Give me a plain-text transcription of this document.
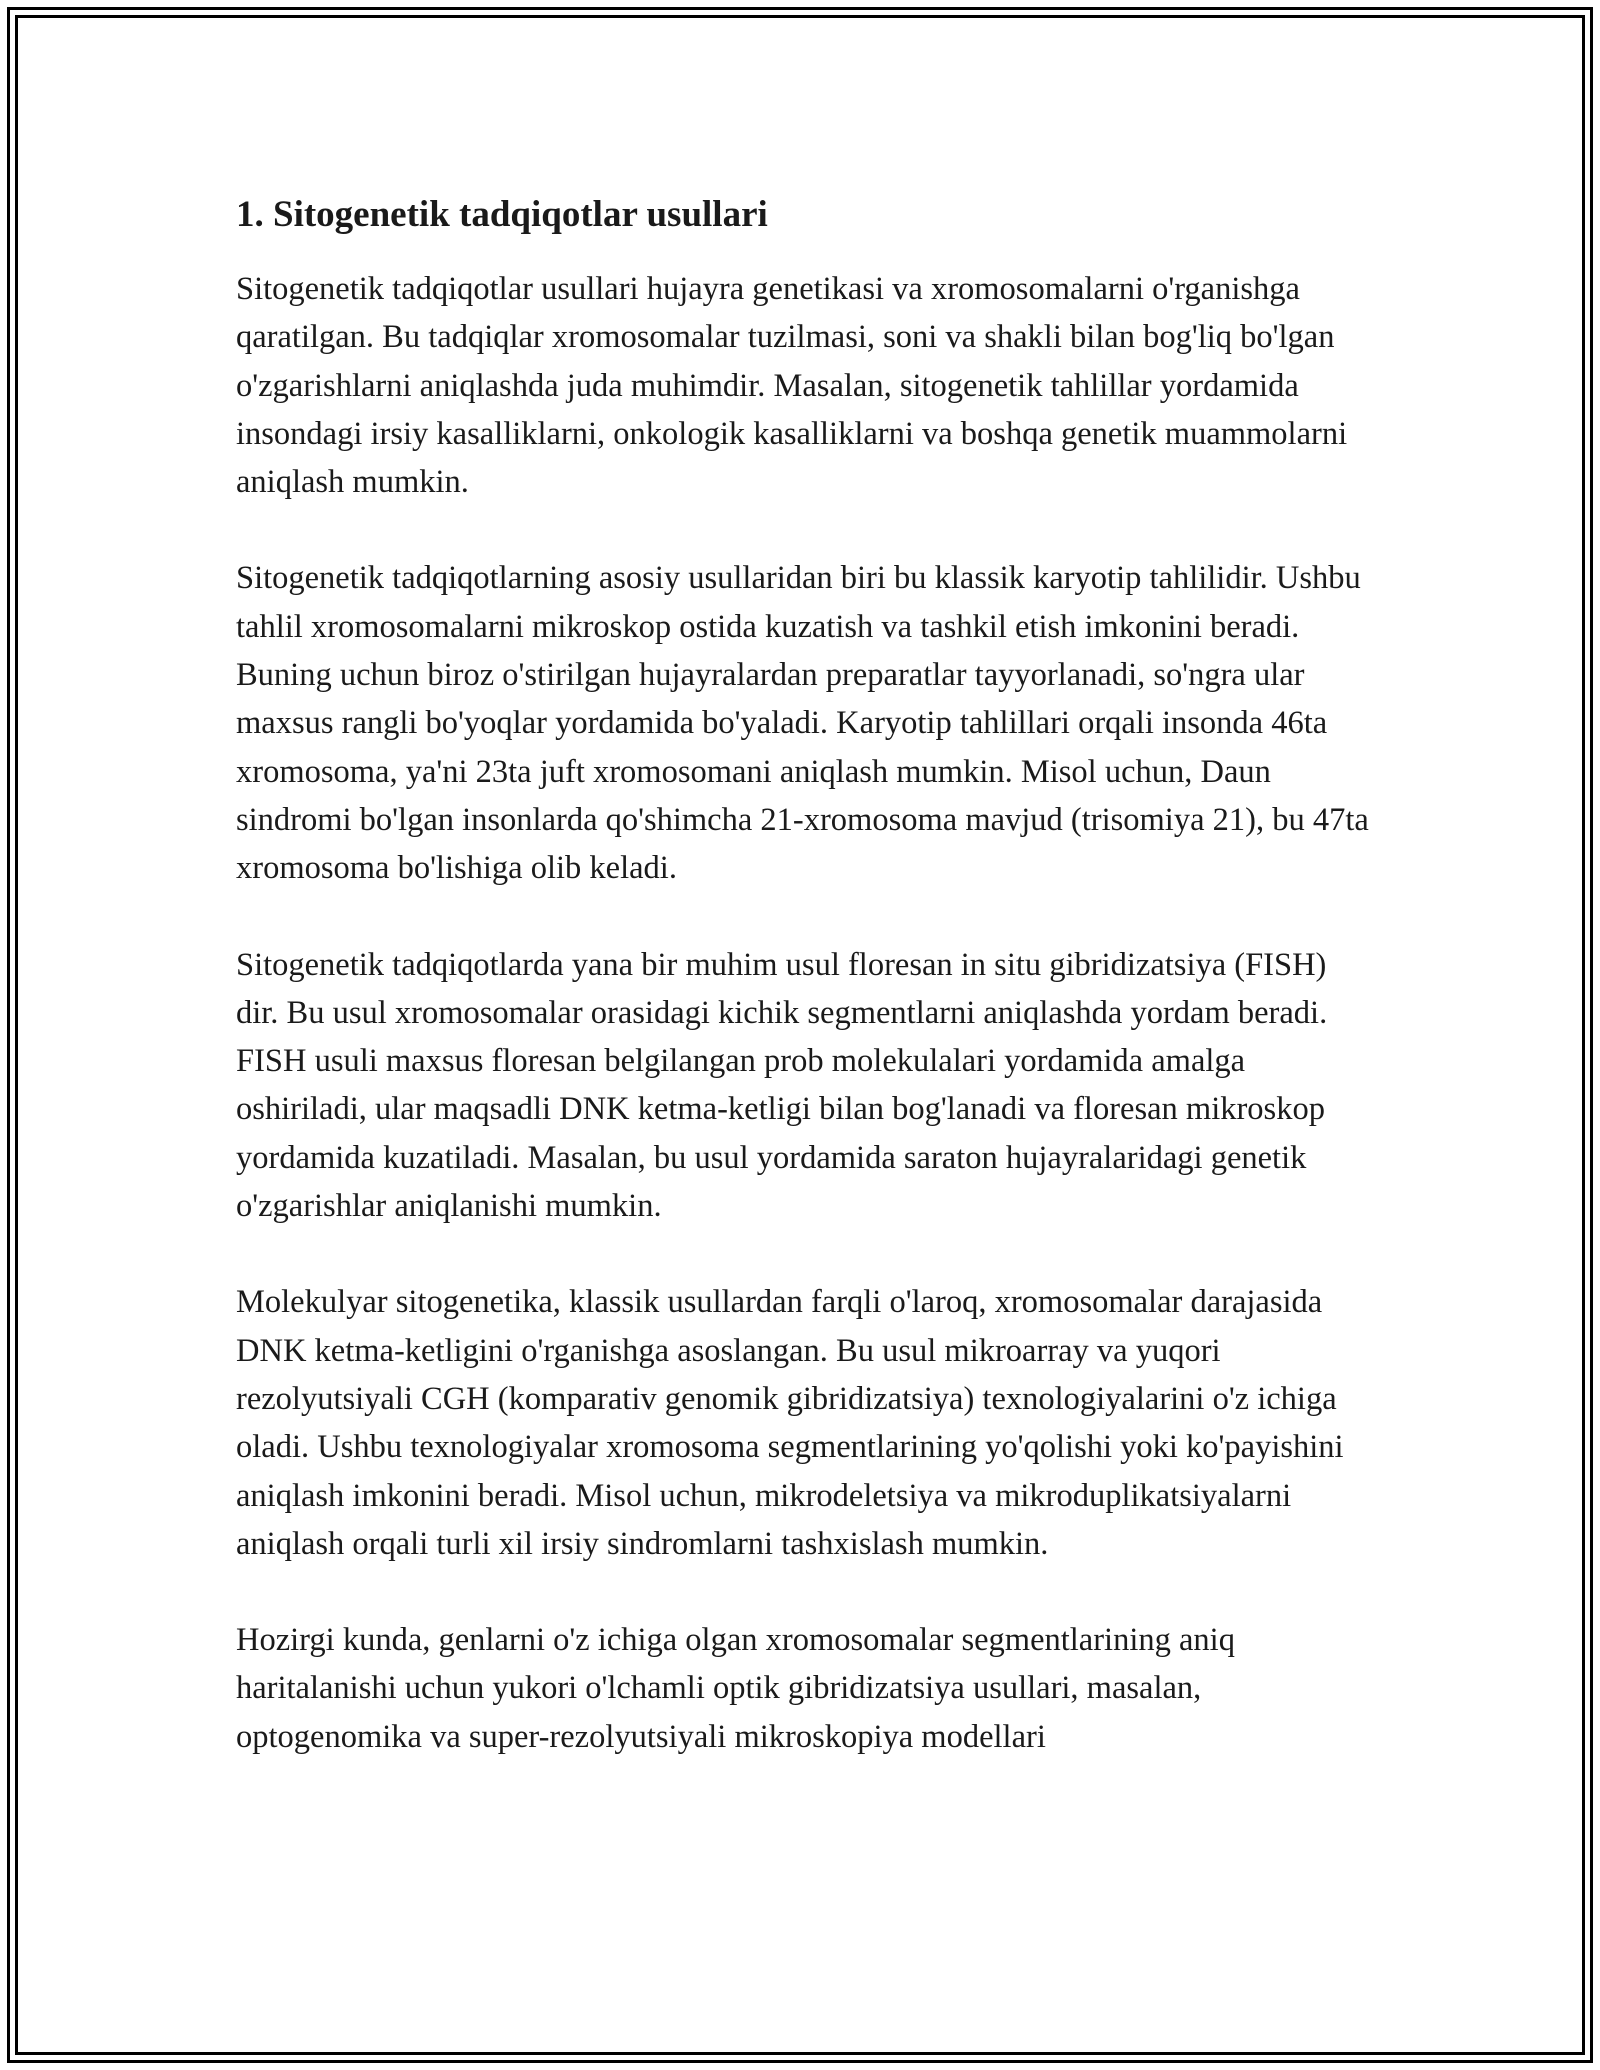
1. Sitogenetik tadqiqotlar usullari

Sitogenetik tadqiqotlar usullari hujayra genetikasi va xromosomalarni o'rganishga qaratilgan. Bu tadqiqlar xromosomalar tuzilmasi, soni va shakli bilan bog'liq bo'lgan o'zgarishlarni aniqlashda juda muhimdir. Masalan, sitogenetik tahlillar yordamida insondagi irsiy kasalliklarni, onkologik kasalliklarni va boshqa genetik muammolarni aniqlash mumkin.

Sitogenetik tadqiqotlarning asosiy usullaridan biri bu klassik karyotip tahlilidir. Ushbu tahlil xromosomalarni mikroskop ostida kuzatish va tashkil etish imkonini beradi. Buning uchun biroz o'stirilgan hujayralardan preparatlar tayyorlanadi, so'ngra ular maxsus rangli bo'yoqlar yordamida bo'yaladi. Karyotip tahlillari orqali insonda 46ta xromosoma, ya'ni 23ta juft xromosomani aniqlash mumkin. Misol uchun, Daun sindromi bo'lgan insonlarda qo'shimcha 21-xromosoma mavjud (trisomiya 21), bu 47ta xromosoma bo'lishiga olib keladi.

Sitogenetik tadqiqotlarda yana bir muhim usul floresan in situ gibridizatsiya (FISH) dir. Bu usul xromosomalar orasidagi kichik segmentlarni aniqlashda yordam beradi. FISH usuli maxsus floresan belgilangan prob molekulalari yordamida amalga oshiriladi, ular maqsadli DNK ketma-ketligi bilan bog'lanadi va floresan mikroskop yordamida kuzatiladi. Masalan, bu usul yordamida saraton hujayralaridagi genetik o'zgarishlar aniqlanishi mumkin.

Molekulyar sitogenetika, klassik usullardan farqli o'laroq, xromosomalar darajasida DNK ketma-ketligini o'rganishga asoslangan. Bu usul mikroarray va yuqori rezolyutsiyali CGH (komparativ genomik gibridizatsiya) texnologiyalarini o'z ichiga oladi. Ushbu texnologiyalar xromosoma segmentlarining yo'qolishi yoki ko'payishini aniqlash imkonini beradi. Misol uchun, mikrodeletsiya va mikroduplikatsiyalarni aniqlash orqali turli xil irsiy sindromlarni tashxislash mumkin.

Hozirgi kunda, genlarni o'z ichiga olgan xromosomalar segmentlarining aniq haritalanishi uchun yukori o'lchamli optik gibridizatsiya usullari, masalan, optogenomika va super-rezolyutsiyali mikroskopiya modellari
